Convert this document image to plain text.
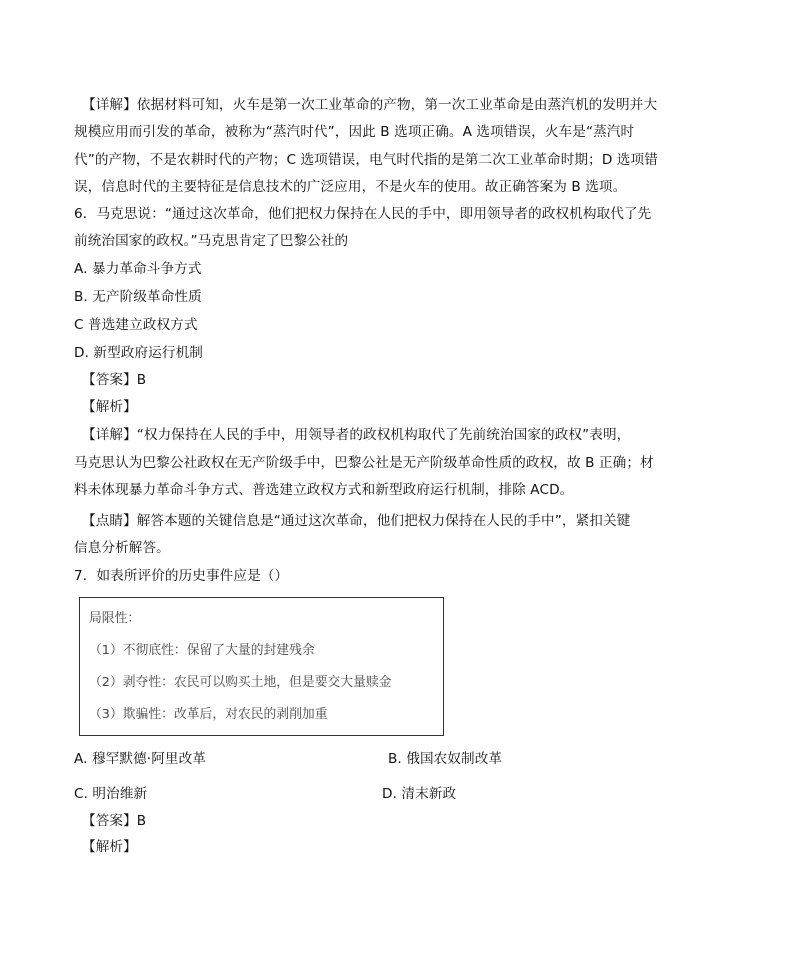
【详解】依据材料可知，火车是第一次工业革命的产物，第一次工业革命是由蒸汽机的发明并大
规模应用而引发的革命，被称为“蒸汽时代”，因此 B 选项正确。A 选项错误，火车是“蒸汽时
代”的产物，不是农耕时代的产物；C 选项错误，电气时代指的是第二次工业革命时期；D 选项错
误，信息时代的主要特征是信息技术的广泛应用，不是火车的使用。故正确答案为 B 选项。
6．马克思说：“通过这次革命，他们把权力保持在人民的手中，即用领导者的政权机构取代了先
前统治国家的政权。”马克思肯定了巴黎公社的
A. 暴力革命斗争方式
B. 无产阶级革命性质
C 普选建立政权方式
D. 新型政府运行机制
【答案】B
【解析】
【详解】“权力保持在人民的手中，用领导者的政权机构取代了先前统治国家的政权”表明，
马克思认为巴黎公社政权在无产阶级手中，巴黎公社是无产阶级革命性质的政权，故 B 正确；材
料未体现暴力革命斗争方式、普选建立政权方式和新型政府运行机制，排除 ACD。
【点睛】解答本题的关键信息是“通过这次革命，他们把权力保持在人民的手中”，紧扣关键
信息分析解答。
7．如表所评价的历史事件应是（）
局限性：
（1）不彻底性：保留了大量的封建残余
（2）剥夺性：农民可以购买土地，但是要交大量赎金
（3）欺骗性：改革后，对农民的剥削加重
A. 穆罕默德·阿里改革	B. 俄国农奴制改革
C. 明治维新	D. 清末新政
【答案】B
【解析】
